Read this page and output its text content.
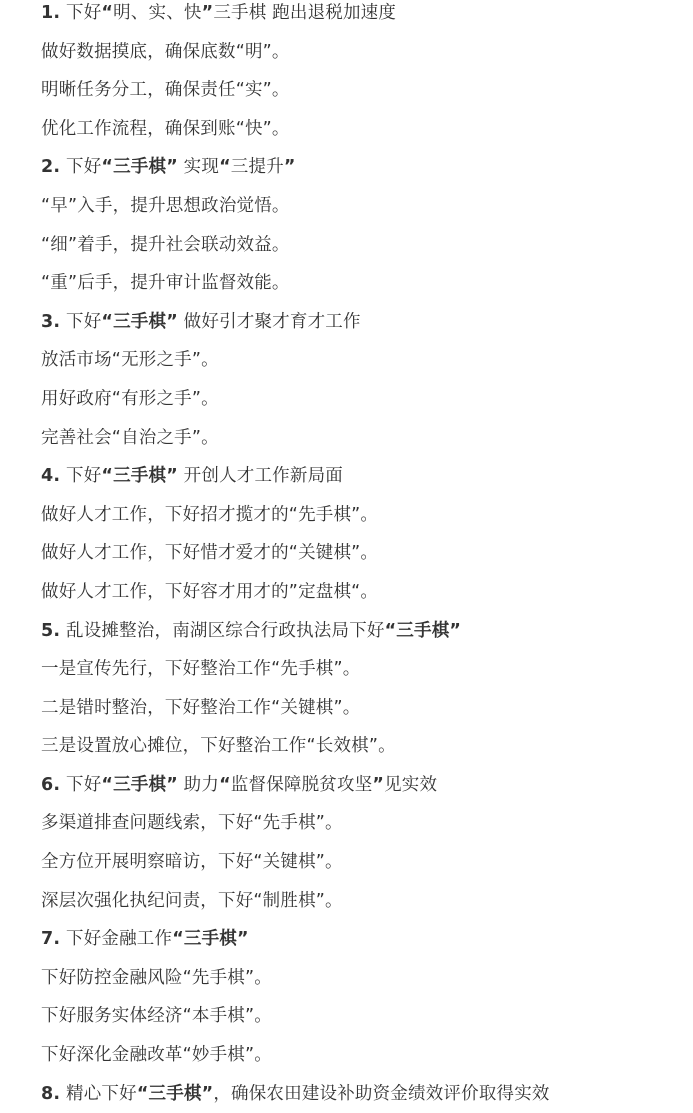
1. 下好“明、实、快”三手棋 跑出退税加速度
做好数据摸底，确保底数“明”。
明晰任务分工，确保责任“实”。
优化工作流程，确保到账“快”。
2. 下好“三手棋” 实现“三提升”
“早”入手，提升思想政治觉悟。
“细”着手，提升社会联动效益。
“重”后手，提升审计监督效能。
3. 下好“三手棋” 做好引才聚才育才工作
放活市场“无形之手”。
用好政府“有形之手”。
完善社会“自治之手”。
4. 下好“三手棋” 开创人才工作新局面
做好人才工作，下好招才揽才的“先手棋”。
做好人才工作，下好惜才爱才的“关键棋”。
做好人才工作，下好容才用才的”定盘棋“。
5. 乱设摊整治，南湖区综合行政执法局下好“三手棋”
一是宣传先行，下好整治工作“先手棋”。
二是错时整治，下好整治工作“关键棋”。
三是设置放心摊位，下好整治工作“长效棋”。
6. 下好“三手棋” 助力“监督保障脱贫攻坚”见实效
多渠道排查问题线索，下好“先手棋”。
全方位开展明察暗访，下好“关键棋”。
深层次强化执纪问责，下好“制胜棋”。
7. 下好金融工作“三手棋”
下好防控金融风险“先手棋”。
下好服务实体经济“本手棋”。
下好深化金融改革“妙手棋”。
8. 精心下好“三手棋”，确保农田建设补助资金绩效评价取得实效
